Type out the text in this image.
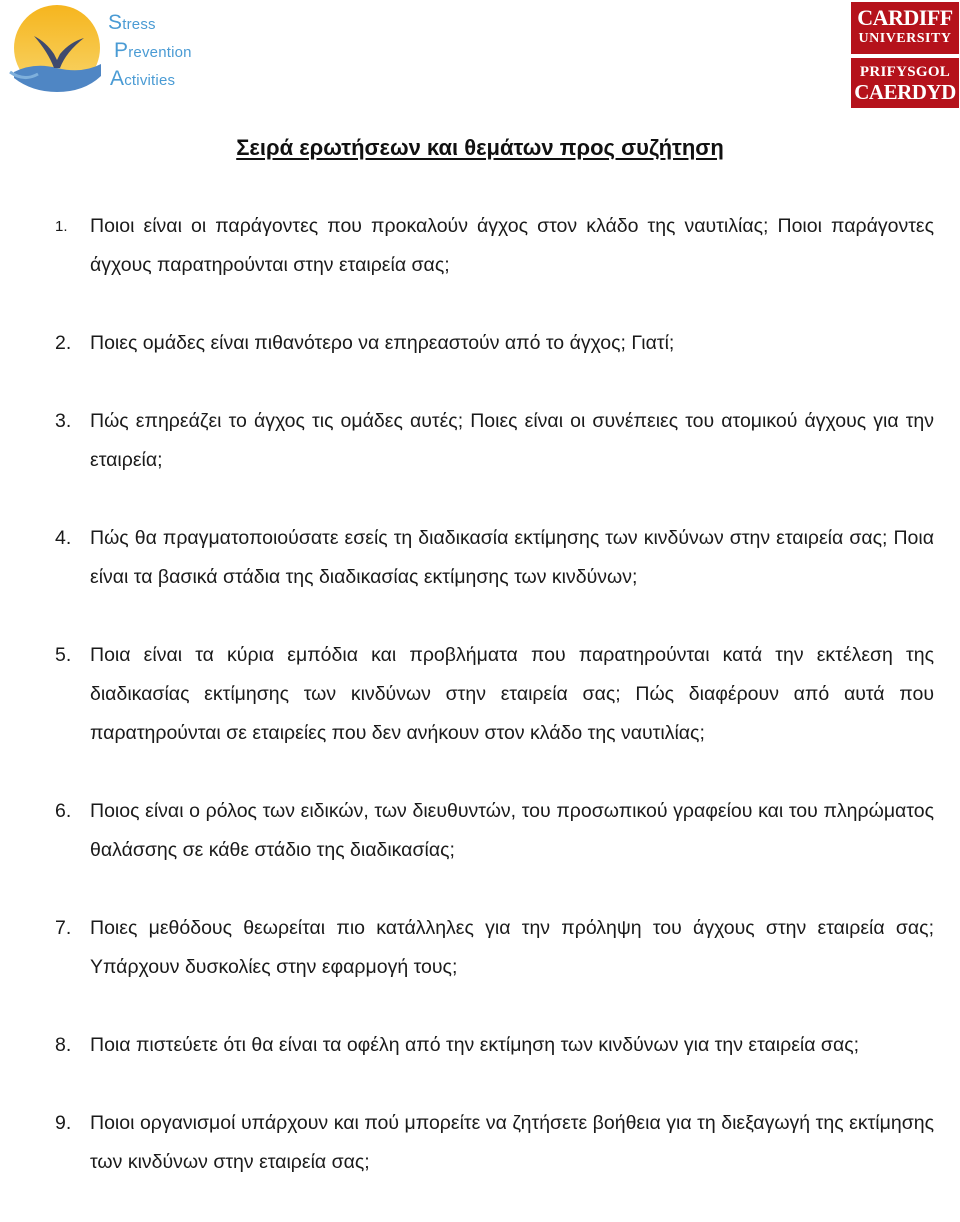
Stress
Prevention
Activities
CARDIFF
UNIVERSITY
PRIFYSGOL
CAERDYD
Σειρά ερωτήσεων και θεμάτων προς συζήτηση
1. Ποιοι είναι οι παράγοντες που προκαλούν άγχος στον κλάδο της ναυτιλίας; Ποιοι παράγοντες άγχους παρατηρούνται στην εταιρεία σας;
2. Ποιες ομάδες είναι πιθανότερο να επηρεαστούν από το άγχος; Γιατί;
3. Πώς επηρεάζει το άγχος τις ομάδες αυτές; Ποιες είναι οι συνέπειες του ατομικού άγχους για την εταιρεία;
4. Πώς θα πραγματοποιούσατε εσείς τη διαδικασία εκτίμησης των κινδύνων στην εταιρεία σας; Ποια είναι τα βασικά στάδια της διαδικασίας εκτίμησης των κινδύνων;
5. Ποια είναι τα κύρια εμπόδια και προβλήματα που παρατηρούνται κατά την εκτέλεση της διαδικασίας εκτίμησης των κινδύνων στην εταιρεία σας; Πώς διαφέρουν από αυτά που παρατηρούνται σε εταιρείες που δεν ανήκουν στον κλάδο της ναυτιλίας;
6. Ποιος είναι ο ρόλος των ειδικών, των διευθυντών, του προσωπικού γραφείου και του πληρώματος θαλάσσης σε κάθε στάδιο της διαδικασίας;
7. Ποιες μεθόδους θεωρείται πιο κατάλληλες για την πρόληψη του άγχους στην εταιρεία σας; Υπάρχουν δυσκολίες στην εφαρμογή τους;
8. Ποια πιστεύετε ότι θα είναι τα οφέλη από την εκτίμηση των κινδύνων για την εταιρεία σας;
9. Ποιοι οργανισμοί υπάρχουν και πού μπορείτε να ζητήσετε βοήθεια για τη διεξαγωγή της εκτίμησης των κινδύνων στην εταιρεία σας;
